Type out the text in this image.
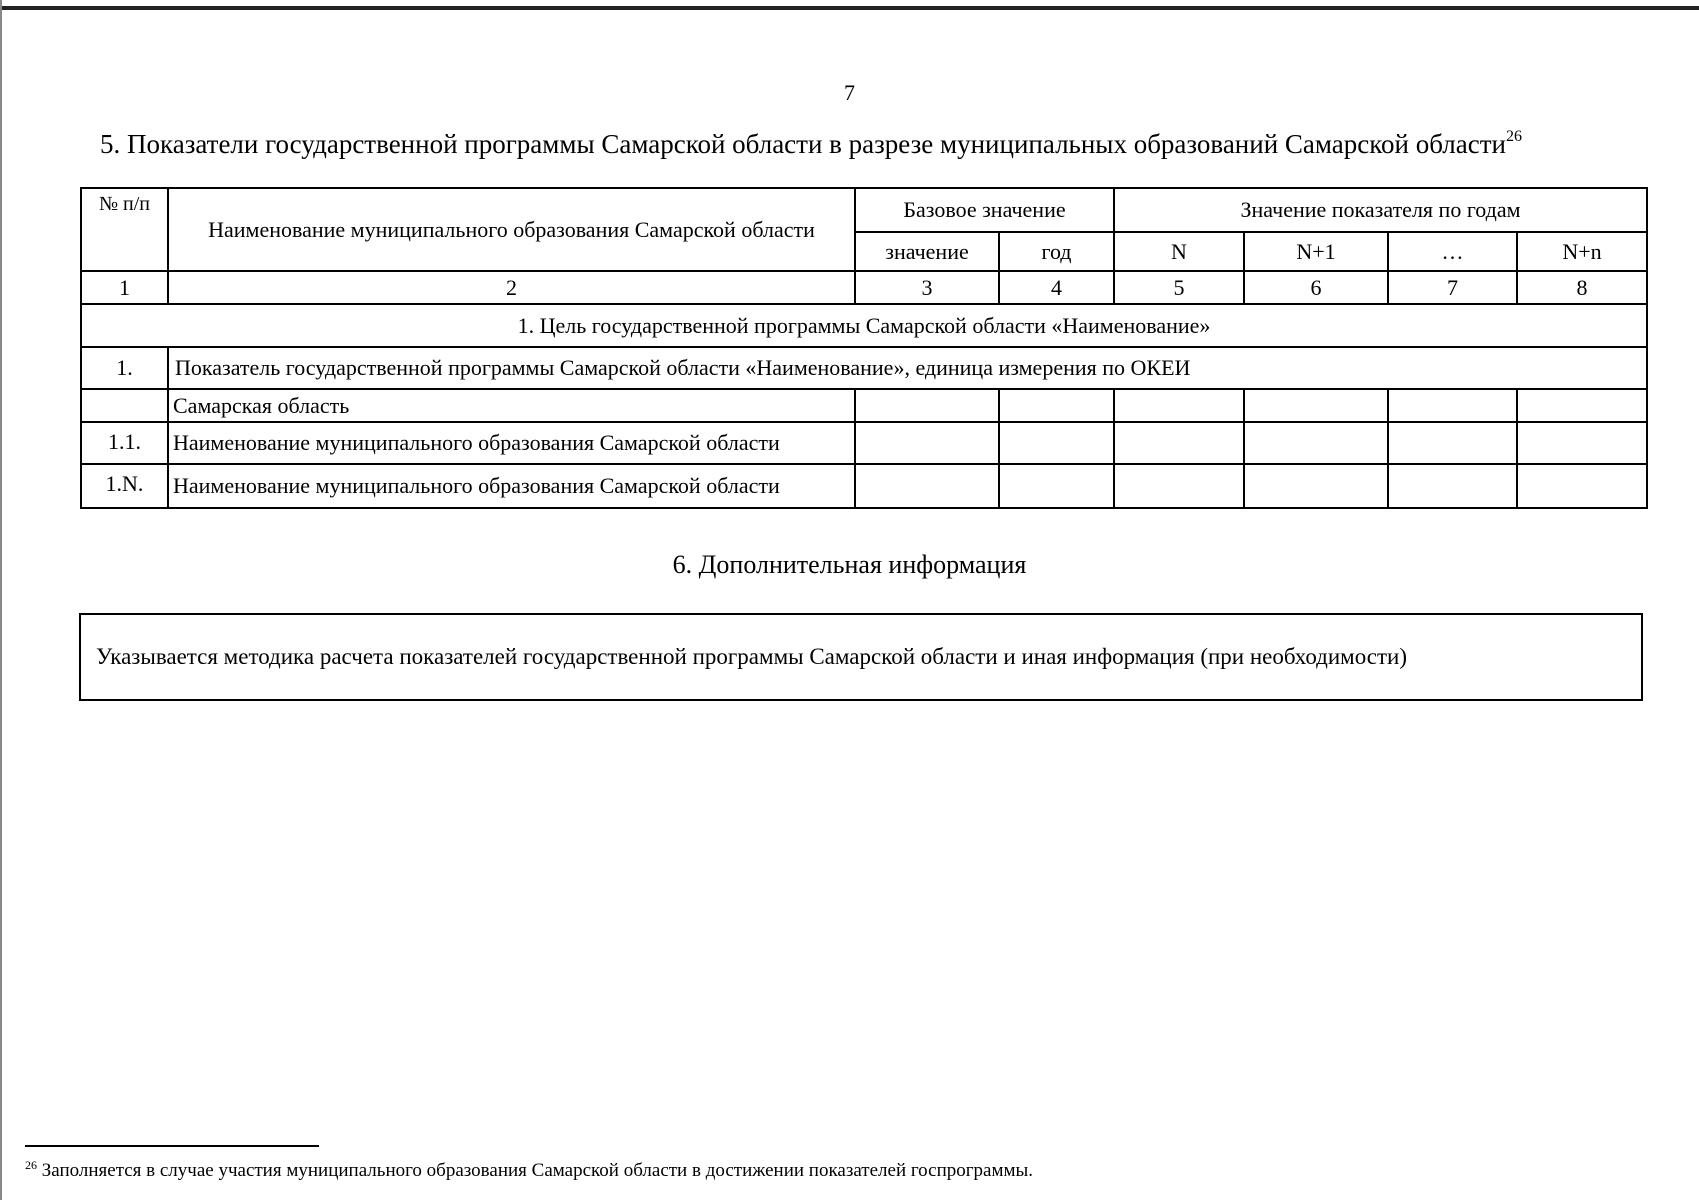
7
5. Показатели государственной программы Самарской области в разрезе муниципальных образований Самарской области$^{26}$
№ п/п	Наименование муниципального образования Самарской области	Базовое значение		Значение показателя по годам			
		значение	год	N	N+1	…	N+n
1	2	3	4	5	6	7	8
1. Цель государственной программы Самарской области «Наименование»							
1.	Показатель государственной программы Самарской области «Наименование», единица измерения по ОКЕИ						
	Самарская область						
1.1.	Наименование муниципального образования Самарской области						
1.N.	Наименование муниципального образования Самарской области						
6. Дополнительная информация
Указывается методика расчета показателей государственной программы Самарской области и иная информация (при необходимости)
$^{26}$ Заполняется в случае участия муниципального образования Самарской области в достижении показателей госпрограммы.
